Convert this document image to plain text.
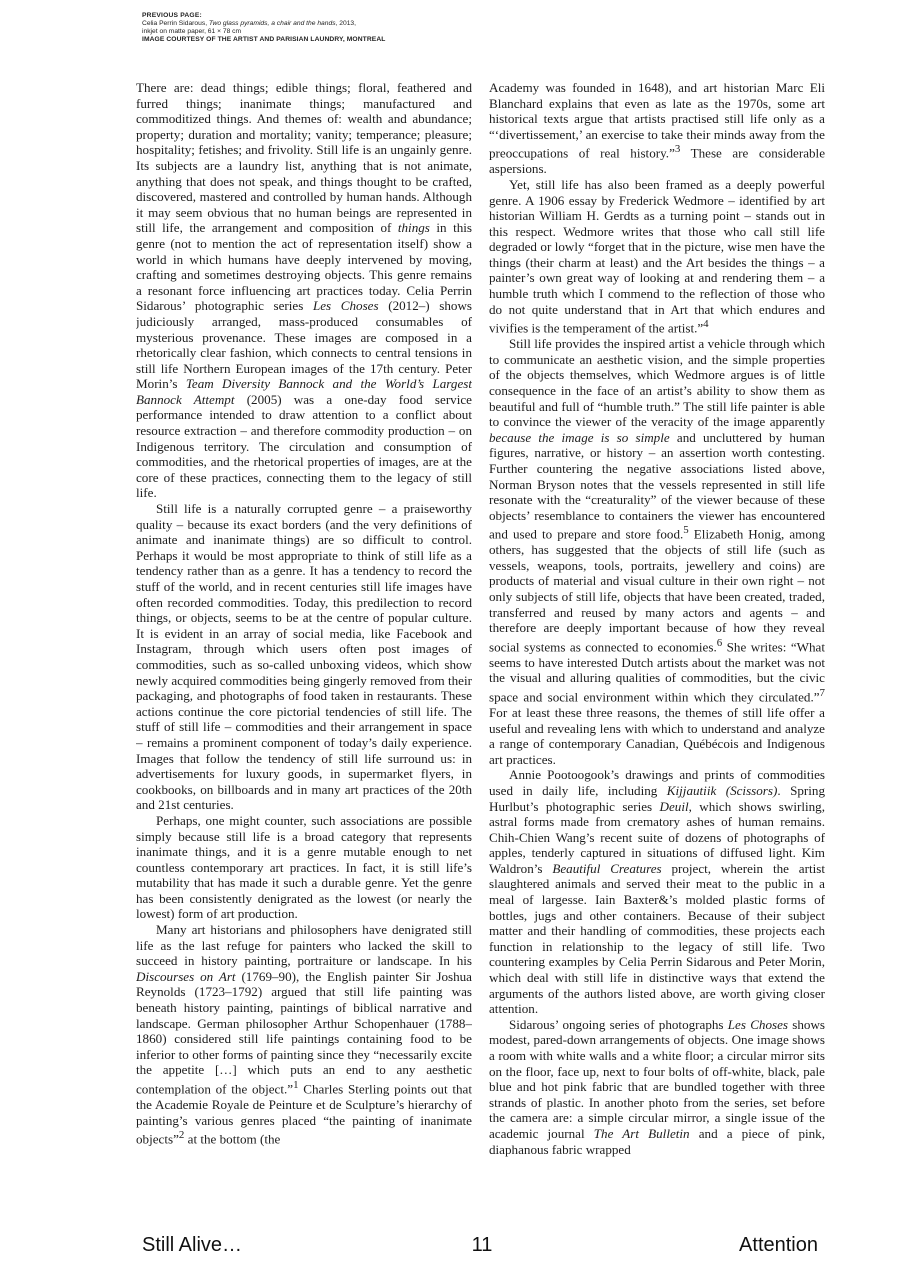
PREVIOUS PAGE:
Celia Perrin Sidarous, Two glass pyramids, a chair and the hands, 2013,
inkjet on matte paper, 61 × 78 cm
IMAGE COURTESY OF THE ARTIST AND PARISIAN LAUNDRY, MONTREAL

There are: dead things; edible things; floral, feathered and furred things; inanimate things; manufactured and commoditized things. And themes of: wealth and abundance; property; duration and mortality; vanity; temperance; pleasure; hospitality; fetishes; and frivolity. Still life is an ungainly genre. Its subjects are a laundry list, anything that is not animate, anything that does not speak, and things thought to be crafted, discovered, mastered and controlled by human hands. Although it may seem obvious that no human beings are represented in still life, the arrangement and composition of things in this genre (not to mention the act of representation itself) show a world in which humans have deeply intervened by moving, crafting and sometimes destroying objects. This genre remains a resonant force influencing art practices today. Celia Perrin Sidarous’ photographic series Les Choses (2012–) shows judiciously arranged, mass-produced consumables of mysterious provenance. These images are composed in a rhetorically clear fashion, which connects to central tensions in still life Northern European images of the 17th century. Peter Morin’s Team Diversity Bannock and the World’s Largest Bannock Attempt (2005) was a one-day food service performance intended to draw attention to a conflict about resource extraction – and therefore commodity production – on Indigenous territory. The circulation and consumption of commodities, and the rhetorical properties of images, are at the core of these practices, connecting them to the legacy of still life.

Still life is a naturally corrupted genre – a praiseworthy quality – because its exact borders (and the very definitions of animate and inanimate things) are so difficult to control. Perhaps it would be most appropriate to think of still life as a tendency rather than as a genre. It has a tendency to record the stuff of the world, and in recent centuries still life images have often recorded commodities. Today, this predilection to record things, or objects, seems to be at the centre of popular culture. It is evident in an array of social media, like Facebook and Instagram, through which users often post images of commodities, such as so-called unboxing videos, which show newly acquired commodities being gingerly removed from their packaging, and photographs of food taken in restaurants. These actions continue the core pictorial tendencies of still life. The stuff of still life – commodities and their arrangement in space – remains a prominent component of today’s daily experience. Images that follow the tendency of still life surround us: in advertisements for luxury goods, in supermarket flyers, in cookbooks, on billboards and in many art practices of the 20th and 21st centuries.

Perhaps, one might counter, such associations are possible simply because still life is a broad category that represents inanimate things, and it is a genre mutable enough to net countless contemporary art practices. In fact, it is still life’s mutability that has made it such a durable genre. Yet the genre has been consistently denigrated as the lowest (or nearly the lowest) form of art production.

Many art historians and philosophers have denigrated still life as the last refuge for painters who lacked the skill to succeed in history painting, portraiture or landscape. In his Discourses on Art (1769–90), the English painter Sir Joshua Reynolds (1723–1792) argued that still life painting was beneath history painting, paintings of biblical narrative and landscape. German philosopher Arthur Schopenhauer (1788–1860) considered still life paintings containing food to be inferior to other forms of painting since they “necessarily excite the appetite […] which puts an end to any aesthetic contemplation of the object.”$^1$ Charles Sterling points out that the Academie Royale de Peinture et de Sculpture’s hierarchy of painting’s various genres placed “the painting of inanimate objects”$^2$ at the bottom (the

Academy was founded in 1648), and art historian Marc Eli Blanchard explains that even as late as the 1970s, some art historical texts argue that artists practised still life only as a “‘divertissement,’ an exercise to take their minds away from the preoccupations of real history.”$^3$ These are considerable aspersions.

Yet, still life has also been framed as a deeply powerful genre. A 1906 essay by Frederick Wedmore – identified by art historian William H. Gerdts as a turning point – stands out in this respect. Wedmore writes that those who call still life degraded or lowly “forget that in the picture, wise men have the things (their charm at least) and the Art besides the things – a painter’s own great way of looking at and rendering them – a humble truth which I commend to the reflection of those who do not quite understand that in Art that which endures and vivifies is the temperament of the artist.”$^4$

Still life provides the inspired artist a vehicle through which to communicate an aesthetic vision, and the simple properties of the objects themselves, which Wedmore argues is of little consequence in the face of an artist’s ability to show them as beautiful and full of “humble truth.” The still life painter is able to convince the viewer of the veracity of the image apparently because the image is so simple and uncluttered by human figures, narrative, or history – an assertion worth contesting. Further countering the negative associations listed above, Norman Bryson notes that the vessels represented in still life resonate with the “creaturality” of the viewer because of these objects’ resemblance to containers the viewer has encountered and used to prepare and store food.$^5$ Elizabeth Honig, among others, has suggested that the objects of still life (such as vessels, weapons, tools, portraits, jewellery and coins) are products of material and visual culture in their own right – not only subjects of still life, objects that have been created, traded, transferred and reused by many actors and agents – and therefore are deeply important because of how they reveal social systems as connected to economies.$^6$ She writes: “What seems to have interested Dutch artists about the market was not the visual and alluring qualities of commodities, but the civic space and social environment within which they circulated.”$^7$ For at least these three reasons, the themes of still life offer a useful and revealing lens with which to understand and analyze a range of contemporary Canadian, Québécois and Indigenous art practices.

Annie Pootoogook’s drawings and prints of commodities used in daily life, including Kijjautiik (Scissors). Spring Hurlbut’s photographic series Deuil, which shows swirling, astral forms made from crematory ashes of human remains. Chih-Chien Wang’s recent suite of dozens of photographs of apples, tenderly captured in situations of diffused light. Kim Waldron’s Beautiful Creatures project, wherein the artist slaughtered animals and served their meat to the public in a meal of largesse. Iain Baxter&’s molded plastic forms of bottles, jugs and other containers. Because of their subject matter and their handling of commodities, these projects each function in relationship to the legacy of still life. Two countering examples by Celia Perrin Sidarous and Peter Morin, which deal with still life in distinctive ways that extend the arguments of the authors listed above, are worth giving closer attention.

Sidarous’ ongoing series of photographs Les Choses shows modest, pared-down arrangements of objects. One image shows a room with white walls and a white floor; a circular mirror sits on the floor, face up, next to four bolts of off-white, black, pale blue and hot pink fabric that are bundled together with three strands of plastic. In another photo from the series, set before the camera are: a simple circular mirror, a single issue of the academic journal The Art Bulletin and a piece of pink, diaphanous fabric wrapped

Still Alive…	11	Attention
